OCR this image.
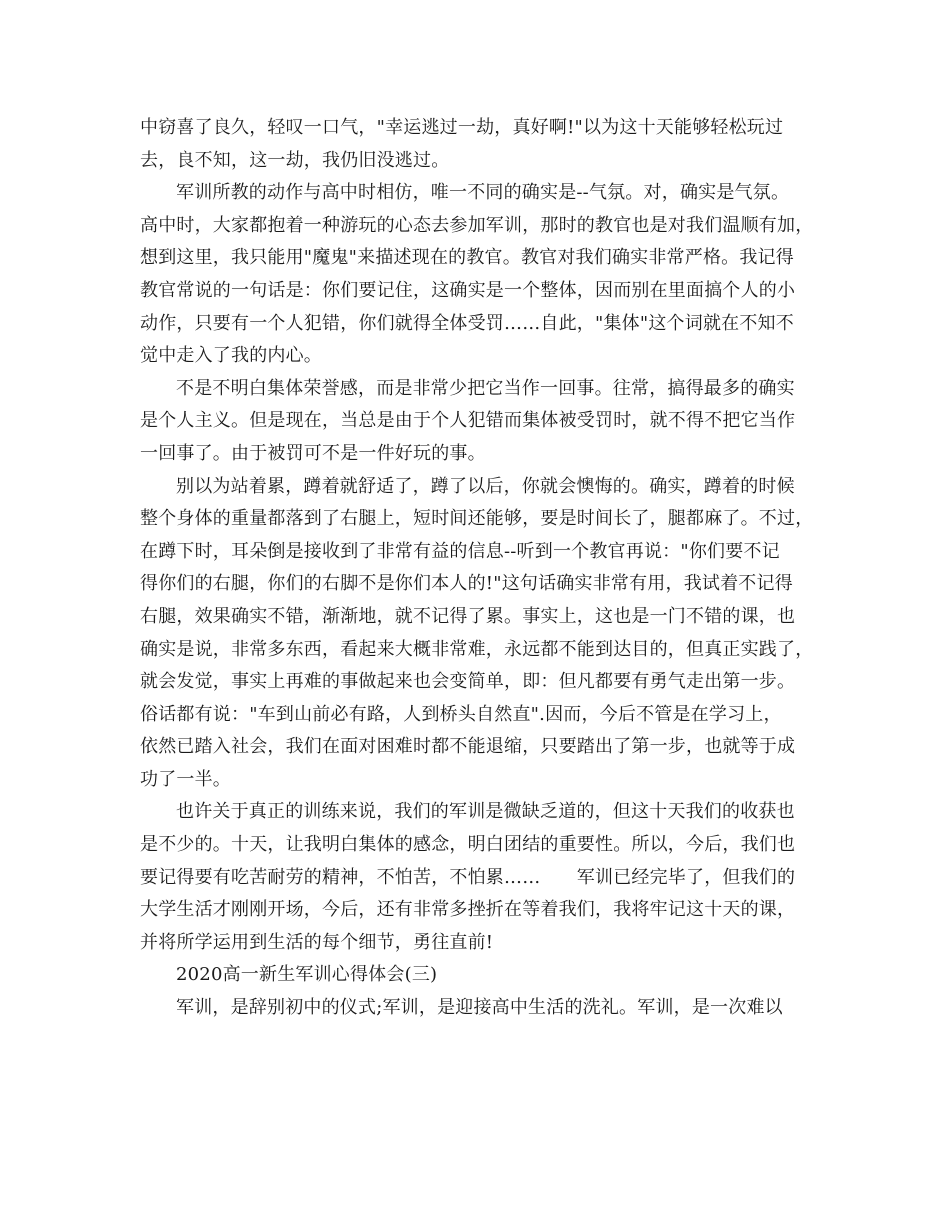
中窃喜了良久，轻叹一口气，"幸运逃过一劫，真好啊!"以为这十天能够轻松玩过
去，良不知，这一劫，我仍旧没逃过。
军训所教的动作与高中时相仿，唯一不同的确实是--气氛。对，确实是气氛。
高中时，大家都抱着一种游玩的心态去参加军训，那时的教官也是对我们温顺有加，
想到这里，我只能用"魔鬼"来描述现在的教官。教官对我们确实非常严格。我记得
教官常说的一句话是：你们要记住，这确实是一个整体，因而别在里面搞个人的小
动作，只要有一个人犯错，你们就得全体受罚……自此，"集体"这个词就在不知不
觉中走入了我的内心。
不是不明白集体荣誉感，而是非常少把它当作一回事。往常，搞得最多的确实
是个人主义。但是现在，当总是由于个人犯错而集体被受罚时，就不得不把它当作
一回事了。由于被罚可不是一件好玩的事。
别以为站着累，蹲着就舒适了，蹲了以后，你就会懊悔的。确实，蹲着的时候
整个身体的重量都落到了右腿上，短时间还能够，要是时间长了，腿都麻了。不过，
在蹲下时，耳朵倒是接收到了非常有益的信息--听到一个教官再说："你们要不记
得你们的右腿，你们的右脚不是你们本人的!"这句话确实非常有用，我试着不记得
右腿，效果确实不错，渐渐地，就不记得了累。事实上，这也是一门不错的课，也
确实是说，非常多东西，看起来大概非常难，永远都不能到达目的，但真正实践了，
就会发觉，事实上再难的事做起来也会变简单，即：但凡都要有勇气走出第一步。
俗话都有说："车到山前必有路，人到桥头自然直".因而，今后不管是在学习上，
依然已踏入社会，我们在面对困难时都不能退缩，只要踏出了第一步，也就等于成
功了一半。
也许关于真正的训练来说，我们的军训是微缺乏道的，但这十天我们的收获也
是不少的。十天，让我明白集体的感念，明白团结的重要性。所以，今后，我们也
要记得要有吃苦耐劳的精神，不怕苦，不怕累……　　军训已经完毕了，但我们的
大学生活才刚刚开场，今后，还有非常多挫折在等着我们，我将牢记这十天的课，
并将所学运用到生活的每个细节，勇往直前!
2020高一新生军训心得体会(三)
军训，是辞别初中的仪式;军训，是迎接高中生活的洗礼。军训，是一次难以
